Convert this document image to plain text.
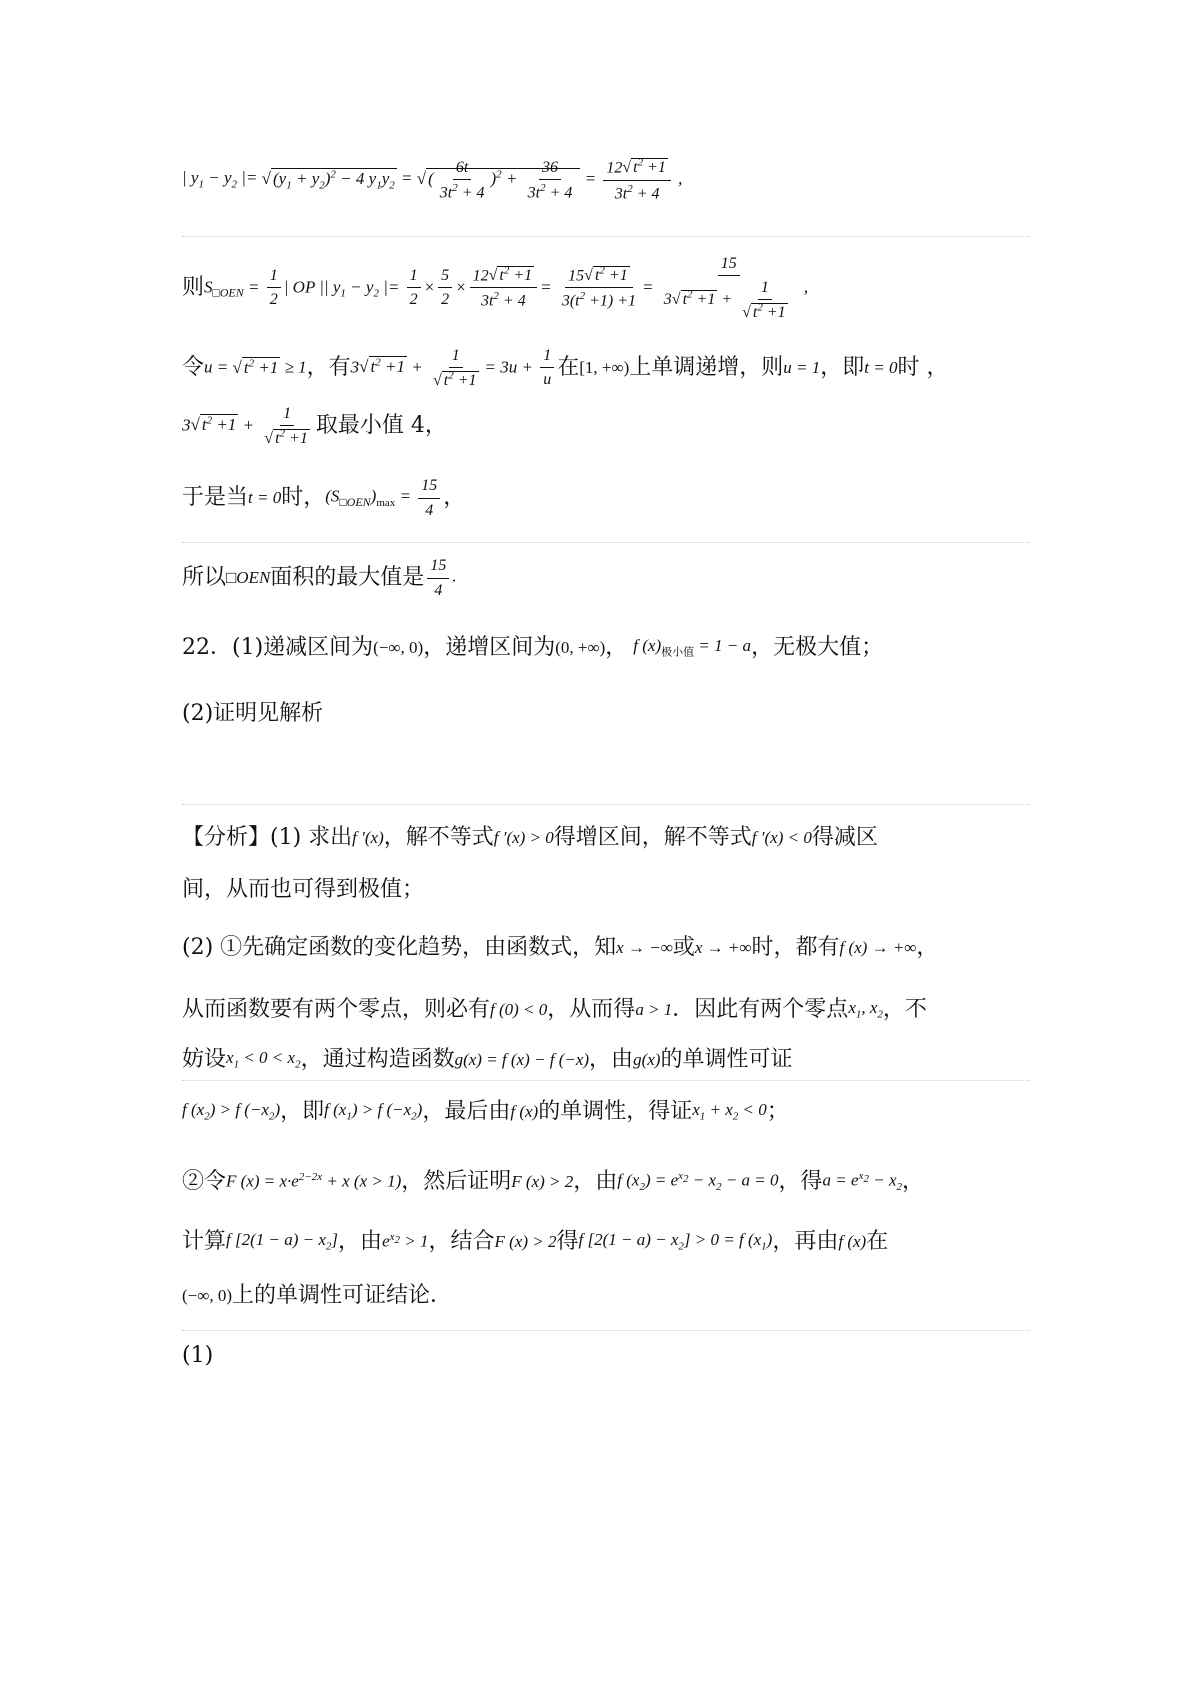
| $y_1 - y_2$ |= √ $(y_1 + y_2)^2 - 4$ $y_1y_2$ = √ ( $\frac{6t}{3t^2 + 4} )^2 + \frac{36}{3t^2 + 4} = \frac{12 √ t^2 +1}{3t^2 + 4}$ ,
则 $S_{□OEN} = \frac{1}{2}$ | OP || $y_1 - y_2$ |= $\frac{1}{2} \times \frac{5}{2} \times \frac{12 √ t^2 +1}{3t^2 + 4} = \frac{15 √ t^2 +1}{3(t^2 +1) +1} = 15$
3 √ $t^2 +1 + 1$
√ $t^2 +1$ ,
令 u = √ $t^2 +1 \ge 1$ ，有 3 √ $t^2 +1 + 1$
√ $t^2 +1 = 3u + \frac{1}{u}$ 在 [1, +∞) 上单调递增，则 u = 1 ，即 t = 0 时 ，
3 √ $t^2 +1 + 1$
√ $t^2 +1$ 取最小值 4，
于是当 t = 0 时， $(S_{□OEN})_{max} = \frac{15}{4}$ ，
所以 □OEN 面积的最大值是 $\frac{15}{4}$ .
22．(1)递减区间为 (−∞, 0) ，递增区间为 (0, +∞) ， f $(x)_{极小值} = 1 - a$ ，无极大值；
(2)证明见解析
【分析】(1) 求出 f ′(x) ，解不等式 f ′(x) > 0 得增区间，解不等式 f ′(x) < 0 得减区
间，从而也可得到极值；
(2) ①先确定函数的变化趋势，由函数式，知 x → −∞ 或 x → +∞ 时，都有 f (x) → +∞ ，
从而函数要有两个零点，则必有 f (0) < 0 ，从而得 a > 1 ．因此有两个零点 $x_1$, $x_2$ ，不
妨设 $x_1 < 0 < x_2$ ，通过构造函数 g(x) = f (x) − f (−x) ，由 g(x) 的单调性可证
f $(x_2) > f$ $(-x_2)$ ，即 f $(x_1) > f$ $(-x_2)$ ，最后由 f (x) 的单调性，得证 $x_1 + x_2 < 0$ ；
②令 F $(x) = x\cdot e^{2-2x} + x$ (x > 1) ，然后证明 F (x) > 2 ，由 f $(x_2) = e^{x_2} - x_2 - a = 0$ ，得 $a = e^{x_2} - x_2$ ，
计算 f $[2(1 - a) - x_2]$ ，由 $e^{x_2} > 1$ ，结合 F (x) > 2 得 f $[2(1 - a) - x_2] > 0 = f$ $(x_1)$ ，再由 f (x) 在
(−∞, 0) 上的单调性可证结论．
(1)
